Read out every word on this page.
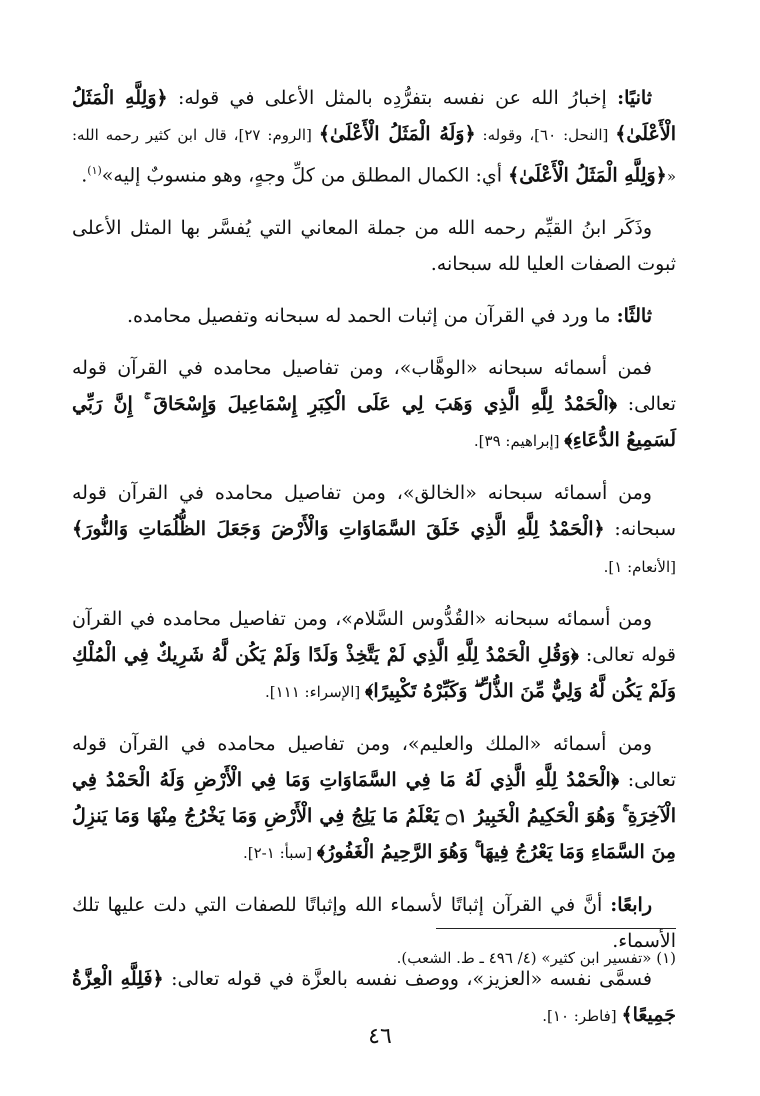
ثانيًا: إخبارُ الله عن نفسه بتفرُّدِه بالمثل الأعلى في قوله: ﴿وَلِلَّهِ الْمَثَلُ الْأَعْلَىٰ﴾ [النحل: ٦٠]، وقوله: ﴿وَلَهُ الْمَثَلُ الْأَعْلَىٰ﴾ [الروم: ٢٧]، قال ابن كثير رحمه الله: «﴿وَلِلَّهِ الْمَثَلُ الْأَعْلَىٰ﴾ أي: الكمال المطلق من كلِّ وجهٍ، وهو منسوبٌ إليه»$^{(١)}$.

وذَكَر ابنُ القيِّم رحمه الله من جملة المعاني التي يُفسَّر بها المثل الأعلى ثبوت الصفات العليا لله سبحانه.

ثالثًا: ما ورد في القرآن من إثبات الحمد له سبحانه وتفصيل محامده.

فمن أسمائه سبحانه «الوهَّاب»، ومن تفاصيل محامده في القرآن قوله تعالى: ﴿الْحَمْدُ لِلَّهِ الَّذِي وَهَبَ لِي عَلَى الْكِبَرِ إِسْمَاعِيلَ وَإِسْحَاقَ ۚ إِنَّ رَبِّي لَسَمِيعُ الدُّعَاءِ﴾ [إبراهيم: ٣٩].

ومن أسمائه سبحانه «الخالق»، ومن تفاصيل محامده في القرآن قوله سبحانه: ﴿الْحَمْدُ لِلَّهِ الَّذِي خَلَقَ السَّمَاوَاتِ وَالْأَرْضَ وَجَعَلَ الظُّلُمَاتِ وَالنُّورَ﴾ [الأنعام: ١].

ومن أسمائه سبحانه «القُدُّوس السَّلام»، ومن تفاصيل محامده في القرآن قوله تعالى: ﴿وَقُلِ الْحَمْدُ لِلَّهِ الَّذِي لَمْ يَتَّخِذْ وَلَدًا وَلَمْ يَكُن لَّهُ شَرِيكٌ فِي الْمُلْكِ وَلَمْ يَكُن لَّهُ وَلِيٌّ مِّنَ الذُّلِّ ۖ وَكَبِّرْهُ تَكْبِيرًا﴾ [الإسراء: ١١١].

ومن أسمائه «الملك والعليم»، ومن تفاصيل محامده في القرآن قوله تعالى: ﴿الْحَمْدُ لِلَّهِ الَّذِي لَهُ مَا فِي السَّمَاوَاتِ وَمَا فِي الْأَرْضِ وَلَهُ الْحَمْدُ فِي الْآخِرَةِ ۚ وَهُوَ الْحَكِيمُ الْخَبِيرُ ۝١ يَعْلَمُ مَا يَلِجُ فِي الْأَرْضِ وَمَا يَخْرُجُ مِنْهَا وَمَا يَنزِلُ مِنَ السَّمَاءِ وَمَا يَعْرُجُ فِيهَا ۚ وَهُوَ الرَّحِيمُ الْغَفُورُ﴾ [سبأ: ١-٢].

رابعًا: أنَّ في القرآن إثباتًا لأسماء الله وإثباتًا للصفات التي دلت عليها تلك الأسماء.

فسمَّى نفسه «العزيز»، ووصف نفسه بالعزَّة في قوله تعالى: ﴿فَلِلَّهِ الْعِزَّةُ جَمِيعًا﴾ [فاطر: ١٠].

(١) «تفسير ابن كثير» (٤/ ٤٩٦ ـ ط. الشعب).
٤٦
